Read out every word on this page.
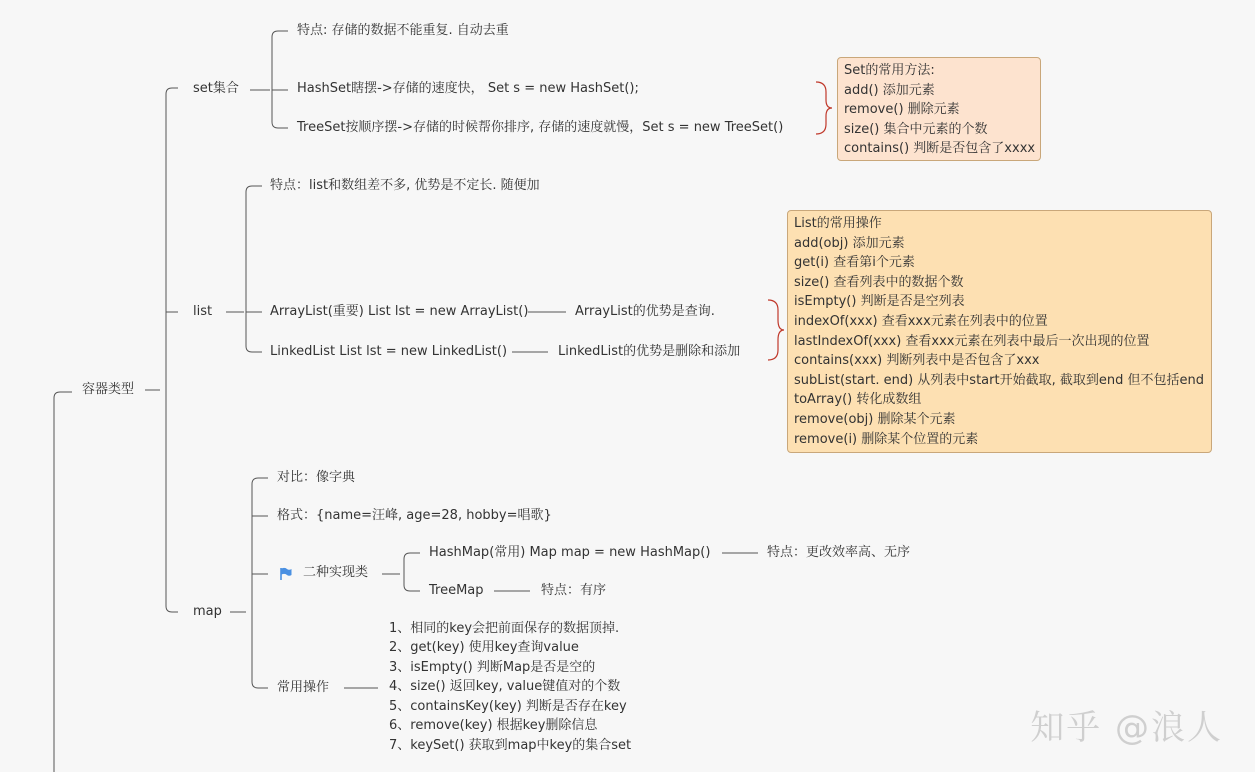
容器类型
set集合
特点: 存储的数据不能重复. 自动去重
HashSet瞎摆->存储的速度快， Set s = new HashSet();
TreeSet按顺序摆->存储的时候帮你排序, 存储的速度就慢，Set s = new TreeSet()
Set的常用方法:
add() 添加元素
remove() 删除元素
size() 集合中元素的个数
contains() 判断是否包含了xxxx
list
特点：list和数组差不多, 优势是不定长. 随便加
ArrayList(重要) List lst = new ArrayList()	ArrayList的优势是查询.
LinkedList List lst = new LinkedList()	LinkedList的优势是删除和添加
List的常用操作
add(obj) 添加元素
get(i) 查看第i个元素
size() 查看列表中的数据个数
isEmpty() 判断是否是空列表
indexOf(xxx) 查看xxx元素在列表中的位置
lastIndexOf(xxx) 查看xxx元素在列表中最后一次出现的位置
contains(xxx) 判断列表中是否包含了xxx
subList(start. end) 从列表中start开始截取, 截取到end 但不包括end
toArray() 转化成数组
remove(obj) 删除某个元素
remove(i) 删除某个位置的元素
map
对比：像字典
格式：{name=汪峰, age=28, hobby=唱歌}
二种实现类
HashMap(常用) Map map = new HashMap()	特点：更改效率高、无序
TreeMap	特点：有序
常用操作
1、相同的key会把前面保存的数据顶掉.
2、get(key) 使用key查询value
3、isEmpty() 判断Map是否是空的
4、size() 返回key, value键值对的个数
5、containsKey(key) 判断是否存在key
6、remove(key) 根据key删除信息
7、keySet() 获取到map中key的集合set	知乎 @浪人
